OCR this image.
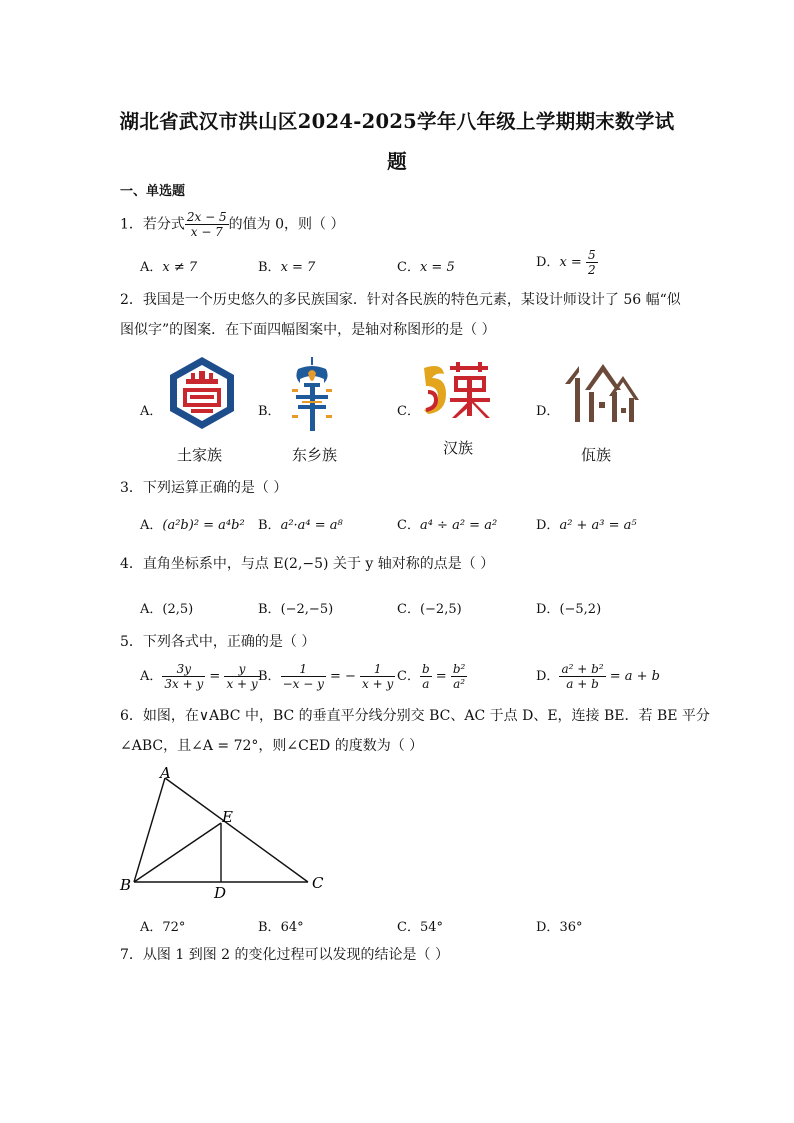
湖北省武汉市洪山区2024-2025学年八年级上学期期末数学试
题
一、单选题
1．若分式 $\frac{2x - 5}{x - 7}$ 的值为 0，则（ ）
A．x ≠ 7	B．x = 7	C．x = 5	D．$x = \frac{5}{2}$
2．我国是一个历史悠久的多民族国家．针对各民族的特色元素，某设计师设计了 56 幅“似
图似字”的图案．在下面四幅图案中，是轴对称图形的是（ ）
A．	B．	C．	D．
土家族	东乡族	汉族	佤族
3．下列运算正确的是（ ）
A．(a²b)² = a⁴b² B．a²·a⁴ = a⁸	C．a⁴ ÷ a² = a²	D．a² + a³ = a⁵
4．直角坐标系中，与点 E(2,−5) 关于 y 轴对称的点是（ ）
A．(2,5)	B．(−2,−5)	C．(−2,5)	D．(−5,2)
5．下列各式中，正确的是（ ）
A． $\frac{3y}{3x + y} = \frac{y}{x + y}$
B． $\frac{1}{-x - y}$ = − $\frac{1}{x + y}$ C． $\frac{b}{a} = \frac{\text{b²}}{\text{a²}}$	D． $\frac{\text{a² + b²}}{a + b} = a + b$
6．如图，在∨ABC 中，BC 的垂直平分线分别交 BC、AC 于点 D、E，连接 BE．若 BE 平分
∠ABC，且∠A = 72°，则∠CED 的度数为（ ）
A
B	C
D
E
A．72°	B．64°	C．54°	D．36°
7．从图 1 到图 2 的变化过程可以发现的结论是（ ）
